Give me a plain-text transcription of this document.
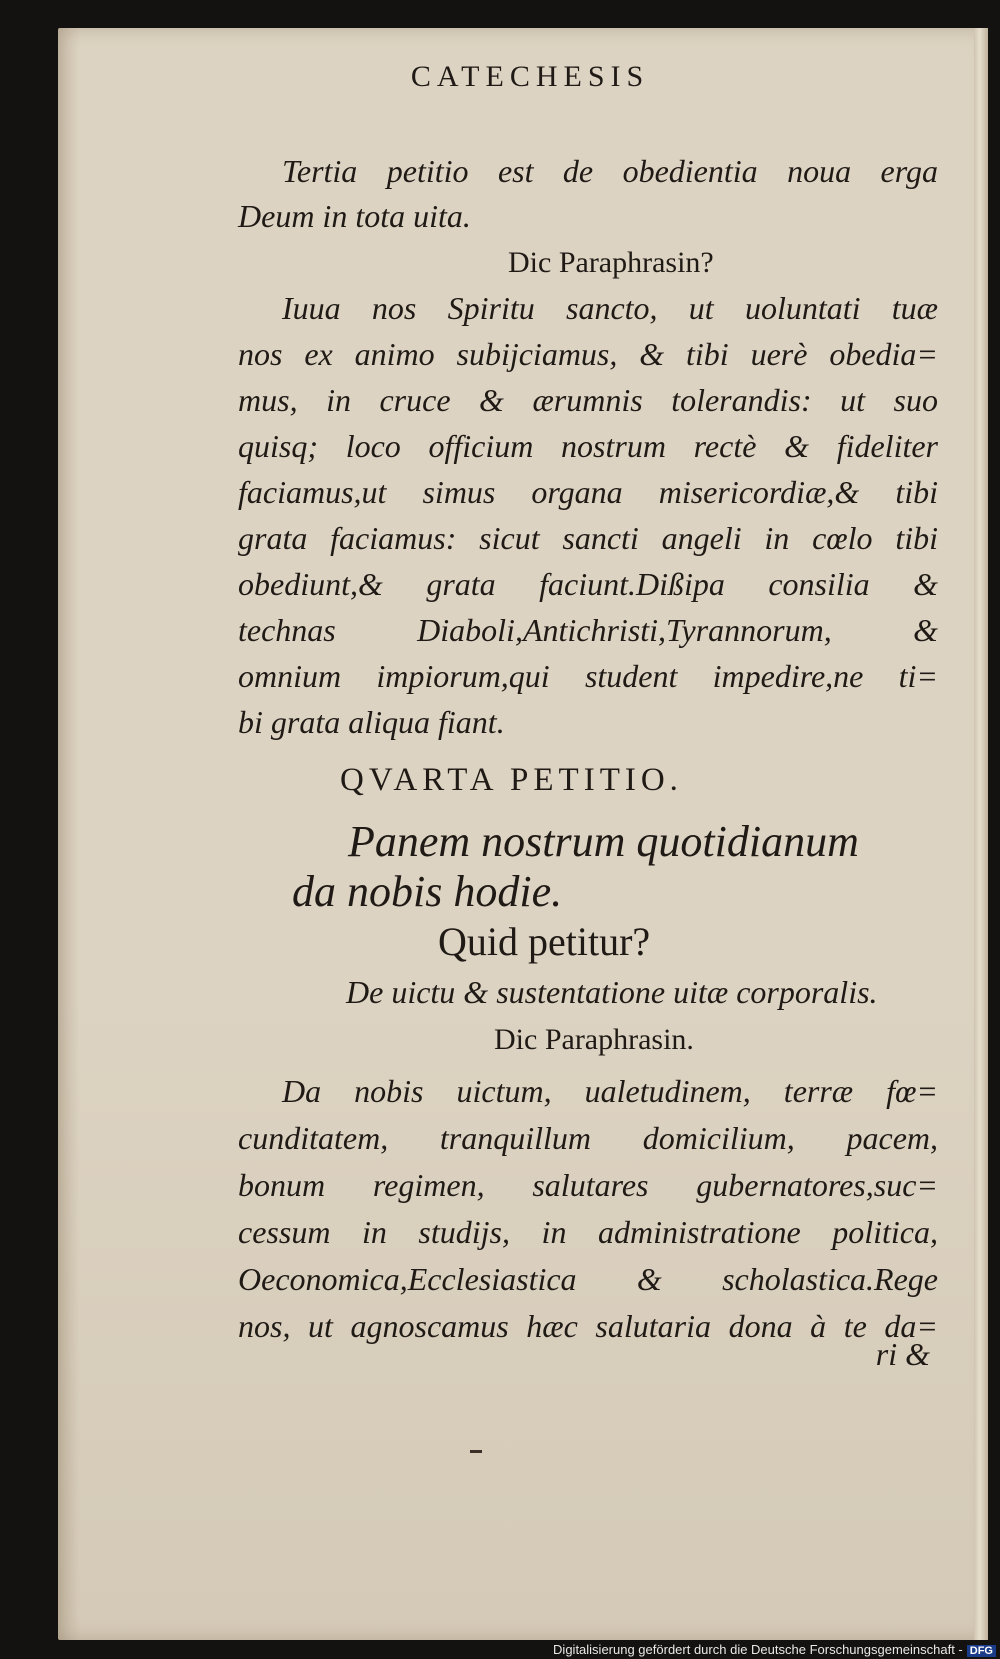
CATECHESIS
Tertia petitio est de obedientia noua erga
Deum in tota uita.
Dic Paraphrasin?
Iuua nos Spiritu sancto, ut uoluntati tuæ
nos ex animo subijciamus, & tibi uerè obedia=
mus, in cruce & ærumnis tolerandis: ut suo
quisq; loco officium nostrum rectè & fideliter
faciamus,ut simus organa misericordiæ,& tibi
grata faciamus: sicut sancti angeli in cœlo tibi
obediunt,& grata faciunt.Dißipa consilia &
technas Diaboli,Antichristi,Tyrannorum, &
omnium impiorum,qui student impedire,ne ti=
bi grata aliqua fiant.
QVARTA PETITIO.
Panem nostrum quotidianum
da nobis hodie.
Quid petitur?
De uictu & sustentatione uitæ corporalis.
Dic Paraphrasin.
Da nobis uictum, ualetudinem, terræ fœ=
cunditatem, tranquillum domicilium, pacem,
bonum regimen, salutares gubernatores,suc=
cessum in studijs, in administratione politica,
Oeconomica,Ecclesiastica & scholastica.Rege
nos, ut agnoscamus hæc salutaria dona à te da=
ri &
Digitalisierung gefördert durch die Deutsche Forschungsgemeinschaft - DFG
